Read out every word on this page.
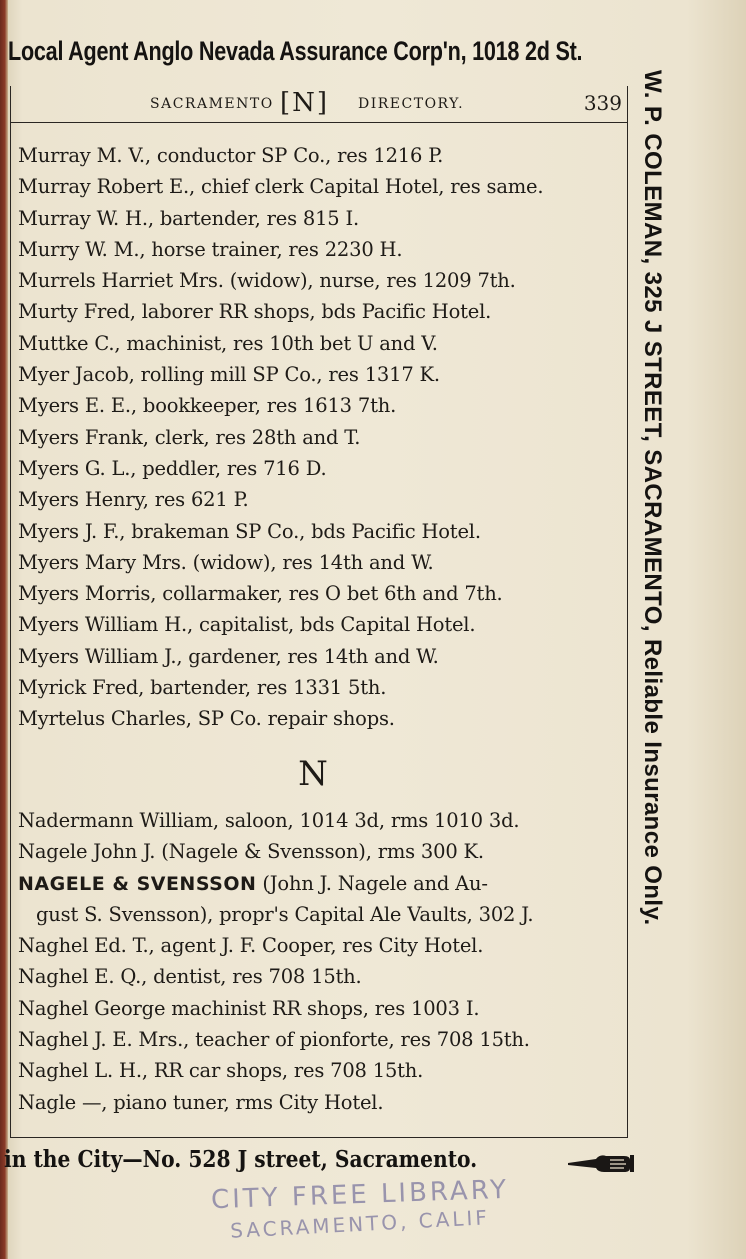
Local Agent Anglo Nevada Assurance Corp'n, 1018 2d St.
SACRAMENTO [N] DIRECTORY.	339
Murray M. V., conductor SP Co., res 1216 P.
Murray Robert E., chief clerk Capital Hotel, res same.
Murray W. H., bartender, res 815 I.
Murry W. M., horse trainer, res 2230 H.
Murrels Harriet Mrs. (widow), nurse, res 1209 7th.
Murty Fred, laborer RR shops, bds Pacific Hotel.
Muttke C., machinist, res 10th bet U and V.
Myer Jacob, rolling mill SP Co., res 1317 K.
Myers E. E., bookkeeper, res 1613 7th.
Myers Frank, clerk, res 28th and T.
Myers G. L., peddler, res 716 D.
Myers Henry, res 621 P.
Myers J. F., brakeman SP Co., bds Pacific Hotel.
Myers Mary Mrs. (widow), res 14th and W.
Myers Morris, collarmaker, res O bet 6th and 7th.
Myers William H., capitalist, bds Capital Hotel.
Myers William J., gardener, res 14th and W.
Myrick Fred, bartender, res 1331 5th.
Myrtelus Charles, SP Co. repair shops.
N
Nadermann William, saloon, 1014 3d, rms 1010 3d.
Nagele John J. (Nagele & Svensson), rms 300 K.
NAGELE & SVENSSON (John J. Nagele and Au-
gust S. Svensson), propr's Capital Ale Vaults, 302 J.
Naghel Ed. T., agent J. F. Cooper, res City Hotel.
Naghel E. Q., dentist, res 708 15th.
Naghel George machinist RR shops, res 1003 I.
Naghel J. E. Mrs., teacher of pionforte, res 708 15th.
Naghel L. H., RR car shops, res 708 15th.
Nagle —, piano tuner, rms City Hotel.
W. P. COLEMAN, 325 J STREET, SACRAMENTO, Reliable Insurance Only.
in the City—No. 528 J street, Sacramento.
CITY FREE LIBRARY
SACRAMENTO, CALIF
